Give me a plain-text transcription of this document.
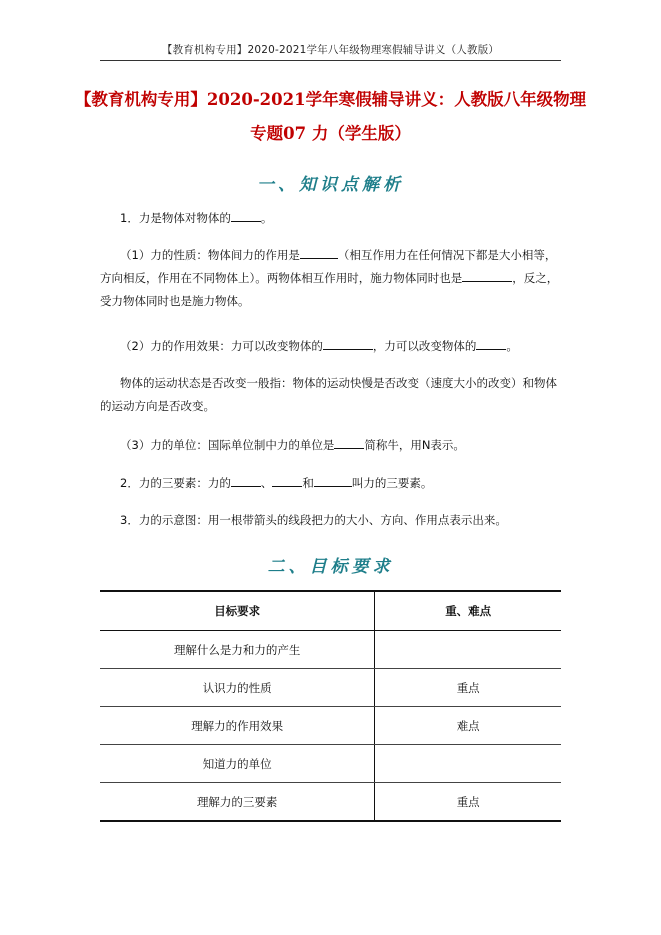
【教育机构专用】2020-2021学年八年级物理寒假辅导讲义（人教版）
【教育机构专用】2020-2021学年寒假辅导讲义：人教版八年级物理
专题07 力（学生版）
一、知识点解析
1．力是物体对物体的	。
（1）力的性质：物体间力的作用是	（相互作用力在任何情况下都是大小相等，方向相反，作用在不同物体上）。两物体相互作用时，施力物体同时也是	，反之，受力物体同时也是施力物体。
（2）力的作用效果：力可以改变物体的	，力可以改变物体的	。
物体的运动状态是否改变一般指：物体的运动快慢是否改变（速度大小的改变）和物体的运动方向是否改变。
（3）力的单位：国际单位制中力的单位是	简称牛，用N表示。
2．力的三要素：力的	、	和	叫力的三要素。
3．力的示意图：用一根带箭头的线段把力的大小、方向、作用点表示出来。
二、目标要求
目标要求	重、难点
理解什么是力和力的产生	
认识力的性质	重点
理解力的作用效果	难点
知道力的单位	
理解力的三要素	重点
